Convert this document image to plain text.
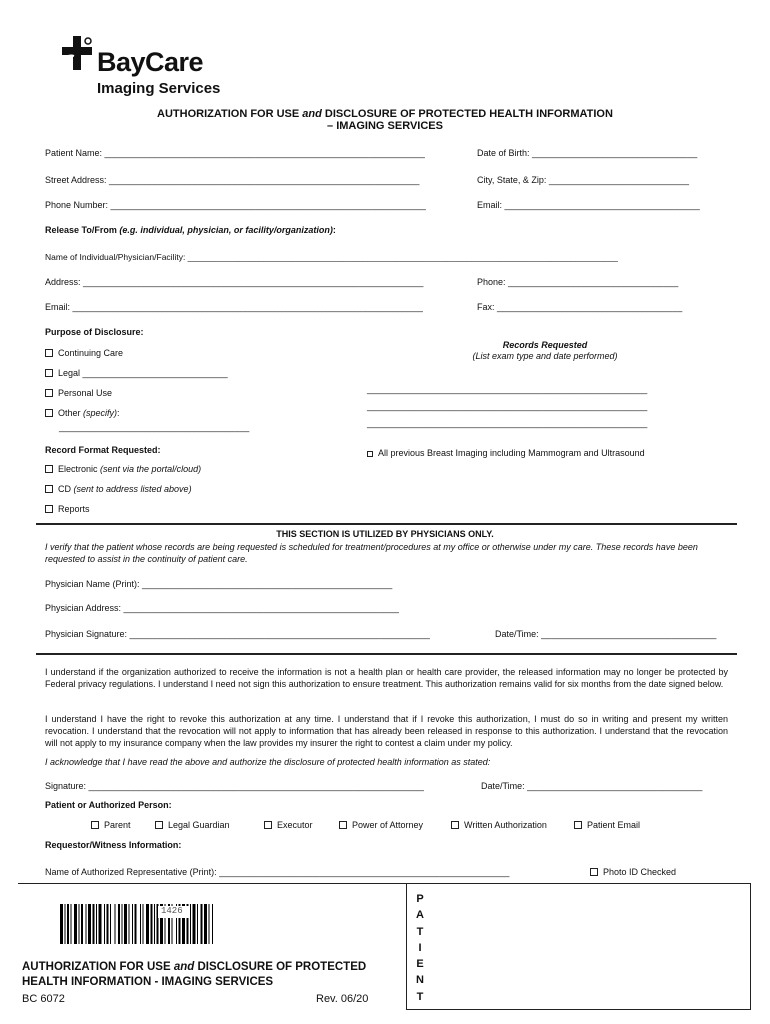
BayCare
Imaging Services
AUTHORIZATION FOR USE and DISCLOSURE OF PROTECTED HEALTH INFORMATION
– IMAGING SERVICES
Patient Name: ________________________________________________________________	Date of Birth: _________________________________
Street Address: ______________________________________________________________	City, State, & Zip: ____________________________
Phone Number: _______________________________________________________________	Email: _______________________________________
Release To/From (e.g. individual, physician, or facility/organization):
Name of Individual/Physician/Facility: ___________________________________________________________________________________________
Address: ____________________________________________________________________	Phone: __________________________________
Email: ______________________________________________________________________	Fax: _____________________________________
Purpose of Disclosure:
Continuing Care
Legal _____________________________
Personal Use
Other (specify):
______________________________________
Records Requested
(List exam type and date performed)
________________________________________________________
________________________________________________________
________________________________________________________
Record Format Requested:
Electronic (sent via the portal/cloud)
CD (sent to address listed above)
Reports
All previous Breast Imaging including Mammogram and Ultrasound
THIS SECTION IS UTILIZED BY PHYSICIANS ONLY.
I verify that the patient whose records are being requested is scheduled for treatment/procedures at my office or otherwise under my care. These records have been requested to assist in the continuity of patient care.
Physician Name (Print): __________________________________________________
Physician Address: _______________________________________________________
Physician Signature: ____________________________________________________________	Date/Time: ___________________________________
I understand if the organization authorized to receive the information is not a health plan or health care provider, the released information may no longer be protected by Federal privacy regulations. I understand I need not sign this authorization to ensure treatment. This authorization remains valid for six months from the date signed below.
I understand I have the right to revoke this authorization at any time. I understand that if I revoke this authorization, I must do so in writing and present my written revocation. I understand that the revocation will not apply to information that has already been released in response to this authorization. I understand that the revocation will not apply to my insurance company when the law provides my insurer the right to contest a claim under my policy.
I acknowledge that I have read the above and authorize the disclosure of protected health information as stated:
Signature: ___________________________________________________________________	Date/Time: ___________________________________
Patient or Authorized Person:
Parent	Legal Guardian	Executor	Power of Attorney	Written Authorization	Patient Email
Requestor/Witness Information:
Name of Authorized Representative (Print): __________________________________________________________	Photo ID Checked
1426
AUTHORIZATION FOR USE and DISCLOSURE OF PROTECTED
HEALTH INFORMATION - IMAGING SERVICES
BC 6072	Rev. 06/20
P
A
T
I
E
N
T
